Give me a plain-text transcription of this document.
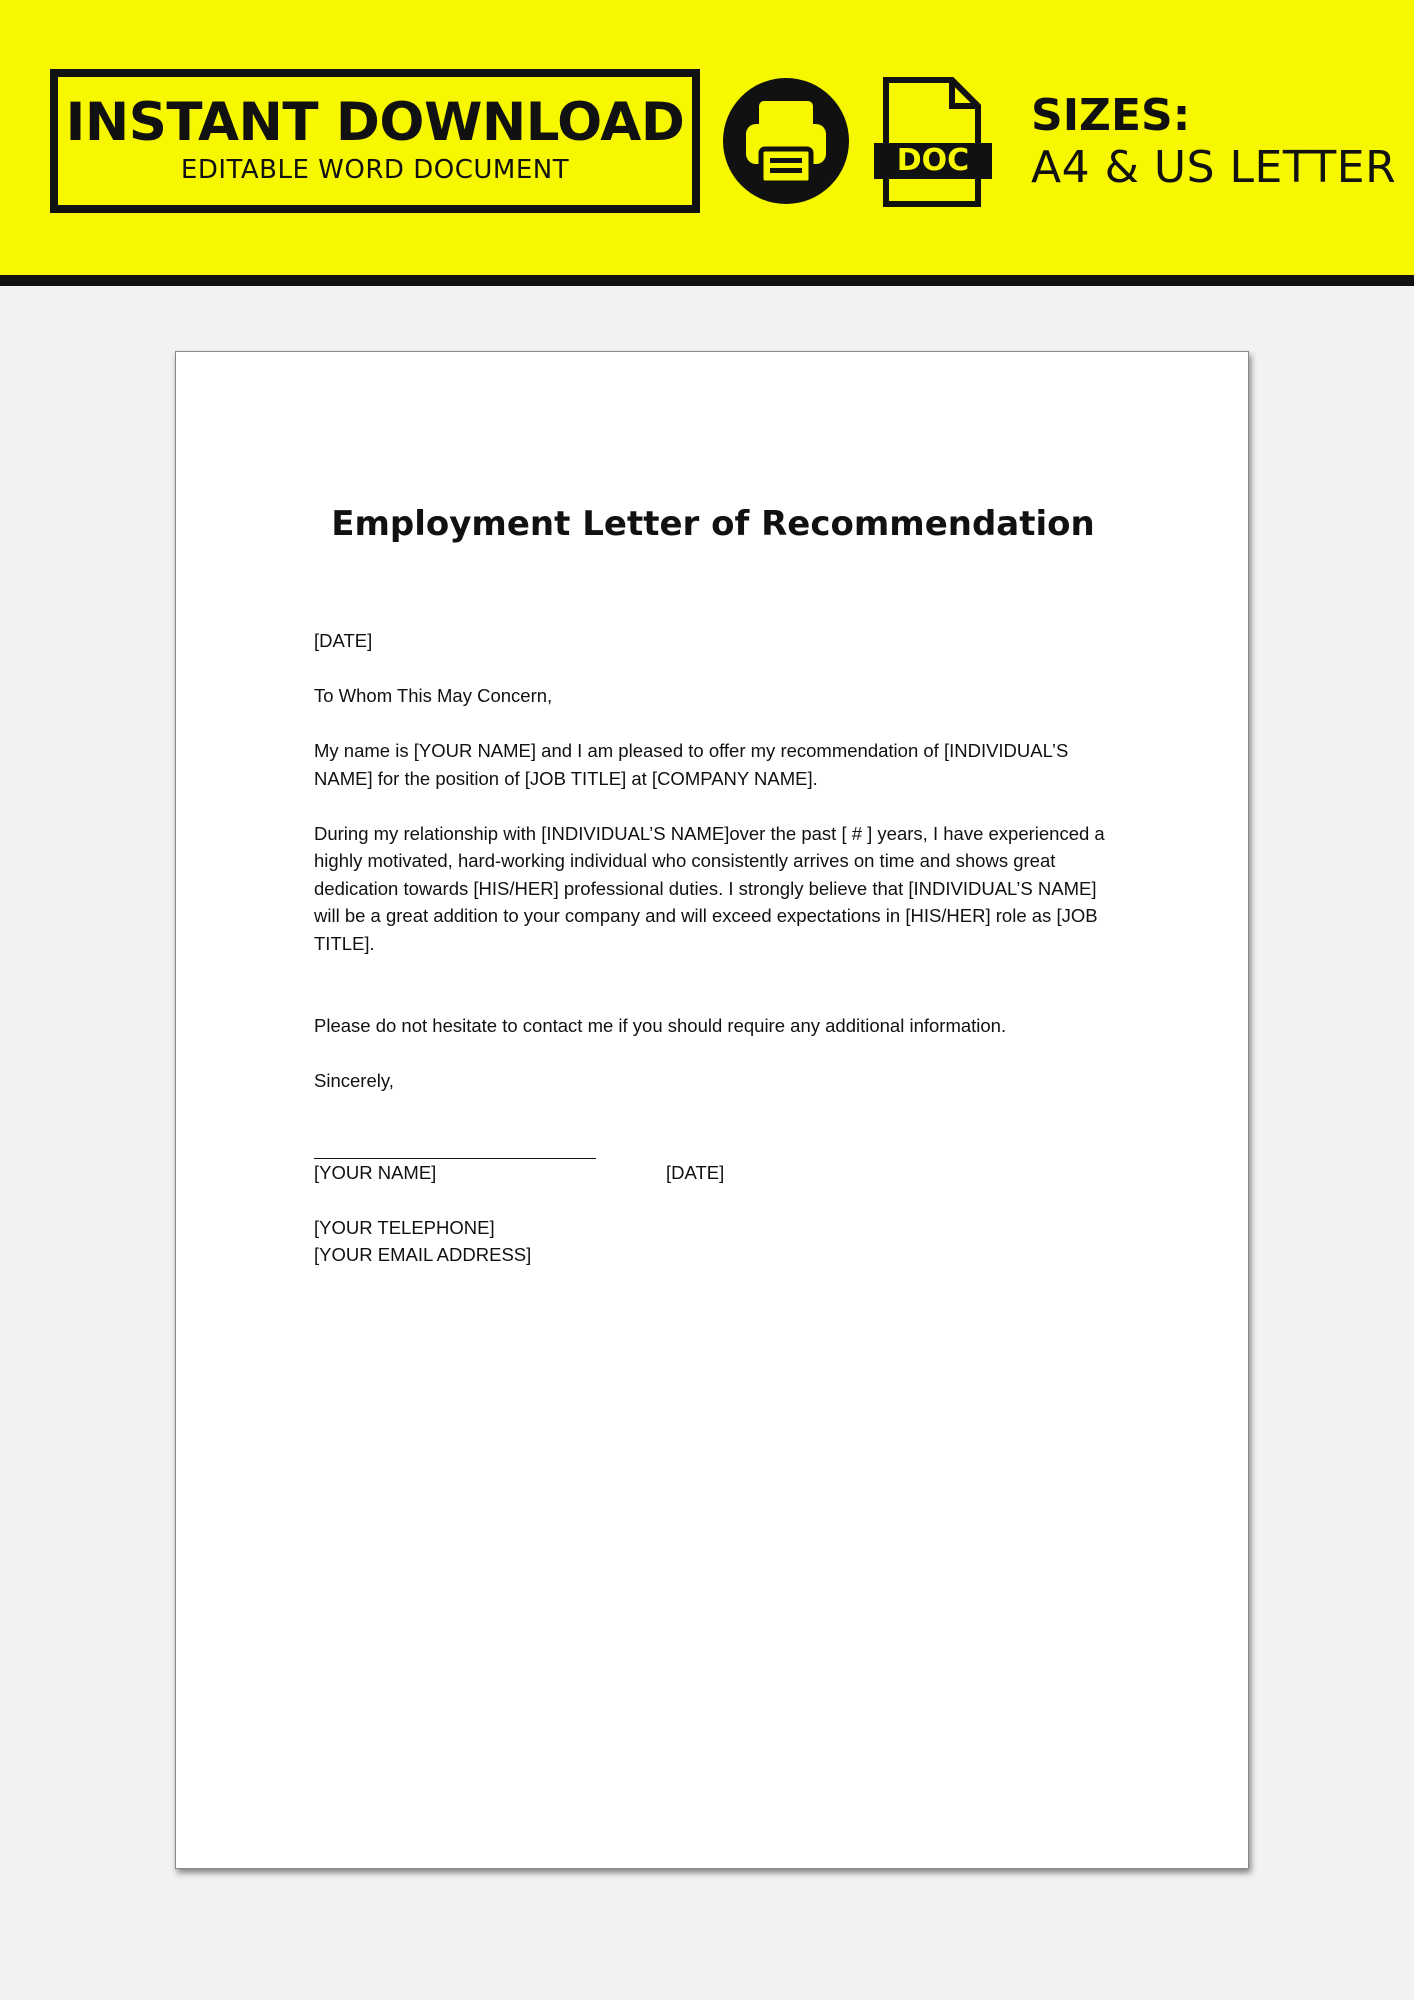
INSTANT DOWNLOAD
EDITABLE WORD DOCUMENT	DOC
SIZES:
A4 & US LETTER
Employment Letter of Recommendation

[DATE]

To Whom This May Concern,

My name is [YOUR NAME] and I am pleased to offer my recommendation of [INDIVIDUAL’S NAME] for the position of [JOB TITLE] at [COMPANY NAME].

During my relationship with [INDIVIDUAL’S NAME]over the past [ # ] years, I have experienced a highly motivated, hard-working individual who consistently arrives on time and shows great dedication towards [HIS/HER] professional duties. I strongly believe that [INDIVIDUAL’S NAME] will be a great addition to your company and will exceed expectations in [HIS/HER] role as [JOB TITLE].

Please do not hesitate to contact me if you should require any additional information.

Sincerely,
[YOUR NAME]	[DATE]
[YOUR TELEPHONE]
[YOUR EMAIL ADDRESS]
